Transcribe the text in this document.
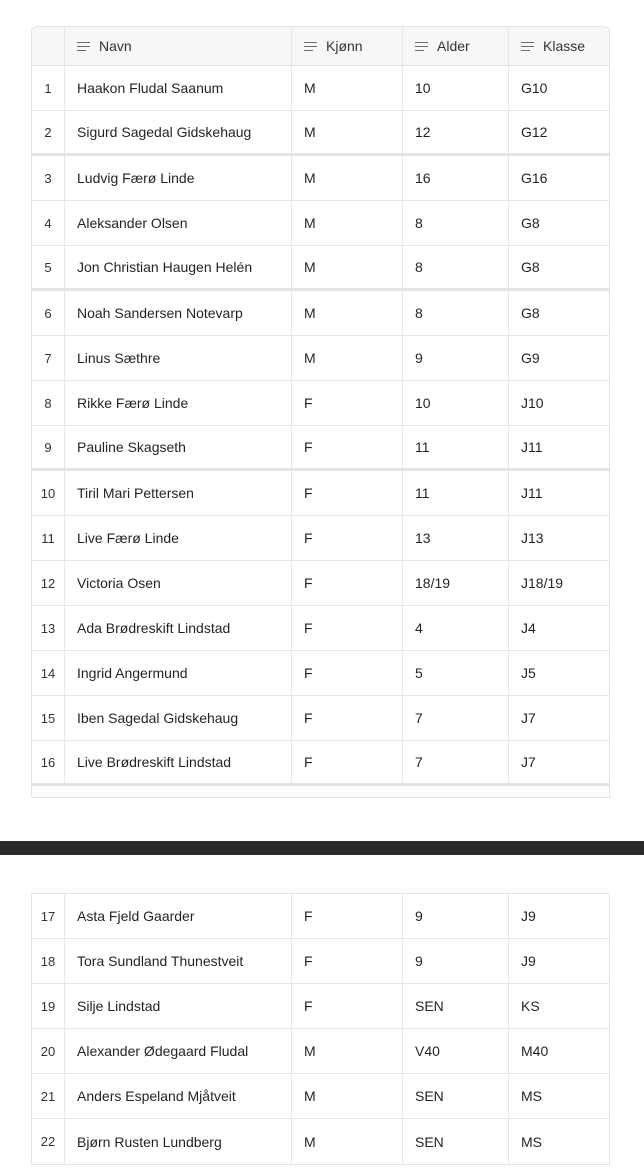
Navn	Kjønn	Alder	Klasse
1	Haakon Fludal Saanum	M	10	G10
2	Sigurd Sagedal Gidskehaug	M	12	G12
3	Ludvig Færø Linde	M	16	G16
4	Aleksander Olsen	M	8	G8
5	Jon Christian Haugen Helén	M	8	G8
6	Noah Sandersen Notevarp	M	8	G8
7	Linus Sæthre	M	9	G9
8	Rikke Færø Linde	F	10	J10
9	Pauline Skagseth	F	11	J11
10	Tiril Mari Pettersen	F	11	J11
11	Live Færø Linde	F	13	J13
12	Victoria Osen	F	18/19	J18/19
13	Ada Brødreskift Lindstad	F	4	J4
14	Ingrid Angermund	F	5	J5
15	Iben Sagedal Gidskehaug	F	7	J7
16	Live Brødreskift Lindstad	F	7	J7
17	Asta Fjeld Gaarder	F	9	J9
18	Tora Sundland Thunestveit	F	9	J9
19	Silje Lindstad	F	SEN	KS
20	Alexander Ødegaard Fludal	M	V40	M40
21	Anders Espeland Mjåtveit	M	SEN	MS
22	Bjørn Rusten Lundberg	M	SEN	MS
